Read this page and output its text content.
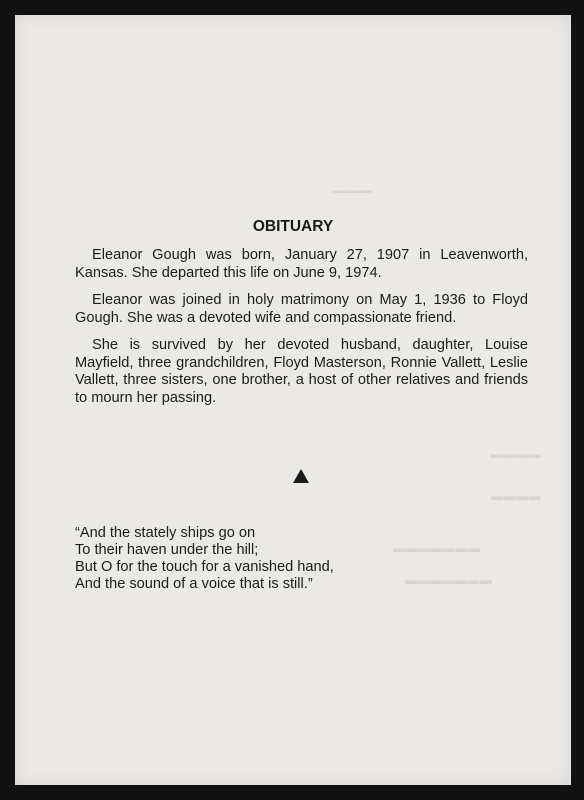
▔▔▔▔
▬▬▬▬
▬▬▬▬
▬▬▬▬▬▬▬
▬▬▬▬▬▬▬
OBITUARY

Eleanor Gough was born, January 27, 1907 in Leavenworth, Kansas. She departed this life on June 9, 1974.

Eleanor was joined in holy matrimony on May 1, 1936 to Floyd Gough. She was a devoted wife and compassionate friend.

She is survived by her devoted husband, daughter, Louise Mayfield, three grandchildren, Floyd Masterson, Ronnie Vallett, Leslie Vallett, three sisters, one brother, a host of other relatives and friends to mourn her passing.

“And the stately ships go on
To their haven under the hill;
But O for the touch for a vanished hand,
And the sound of a voice that is still.”
